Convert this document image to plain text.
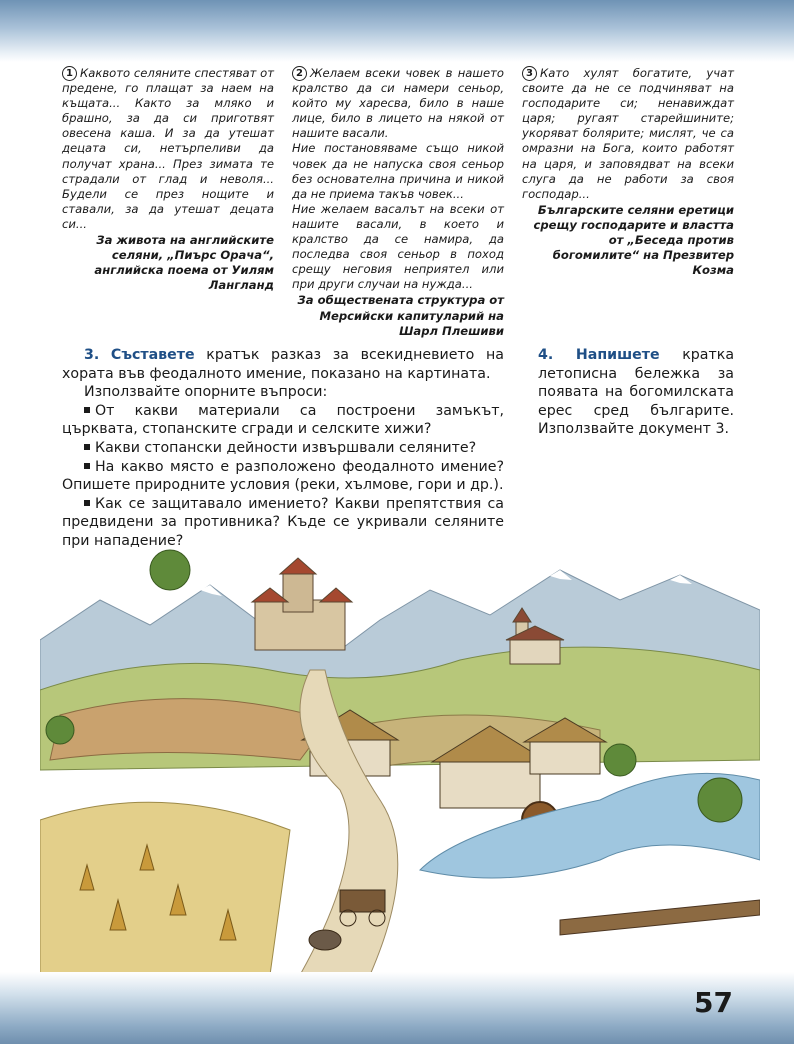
1 Каквото селяните спестяват от предене, го плащат за наем на къщата... Както за мляко и брашно, за да си приготвят овесена каша. И за да утешат децата си, нетърпеливи да получат храна... През зимата те страдали от глад и неволя... Будели се през нощите и ставали, за да утешат децата си...

За живота на английските селяни, „Пиърс Орача“, английска поема от Уилям Лангланд

2 Желаем всеки човек в нашето кралство да си намери сеньор, който му харесва, било в наше лице, било в лицето на някой от нашите васали.

Ние постановяваме също никой човек да не напуска своя сеньор без основателна причина и никой да не приема такъв човек...

Ние желаем васалът на всеки от нашите васали, в което и кралство да се намира, да последва своя сеньор в поход срещу неговия неприятел или при други случаи на нужда...

За обществената структура от Мерсийски капитуларий на Шарл Плешиви

3 Като хулят богатите, учат своите да не се подчиняват на господарите си; ненавиждат царя; ругаят старейшините; укоряват болярите; мислят, че са омразни на Бога, които работят на царя, и заповядват на всеки слуга да не работи за своя господар...

Българските селяни еретици срещу господарите и властта от „Беседа против богомилите“ на Презвитер Козма

3. Съставете кратък разказ за всекидневието на хората във феодалното имение, показано на картината.

Използвайте опорните въпроси:

От какви материали са построени замъкът, църквата, стопанските сгради и селските хижи?

Какви стопански дейности извършвали селяните?

На какво място е разположено феодалното имение? Опишете природните условия (реки, хълмове, гори и др.).

Как се защитавало имението? Какви препятствия са предвидени за противника? Къде се укривали селяните при нападение?

4. Напишете кратка летописна бележка за появата на богомилската ерес сред българите. Използвайте документ 3.

57
